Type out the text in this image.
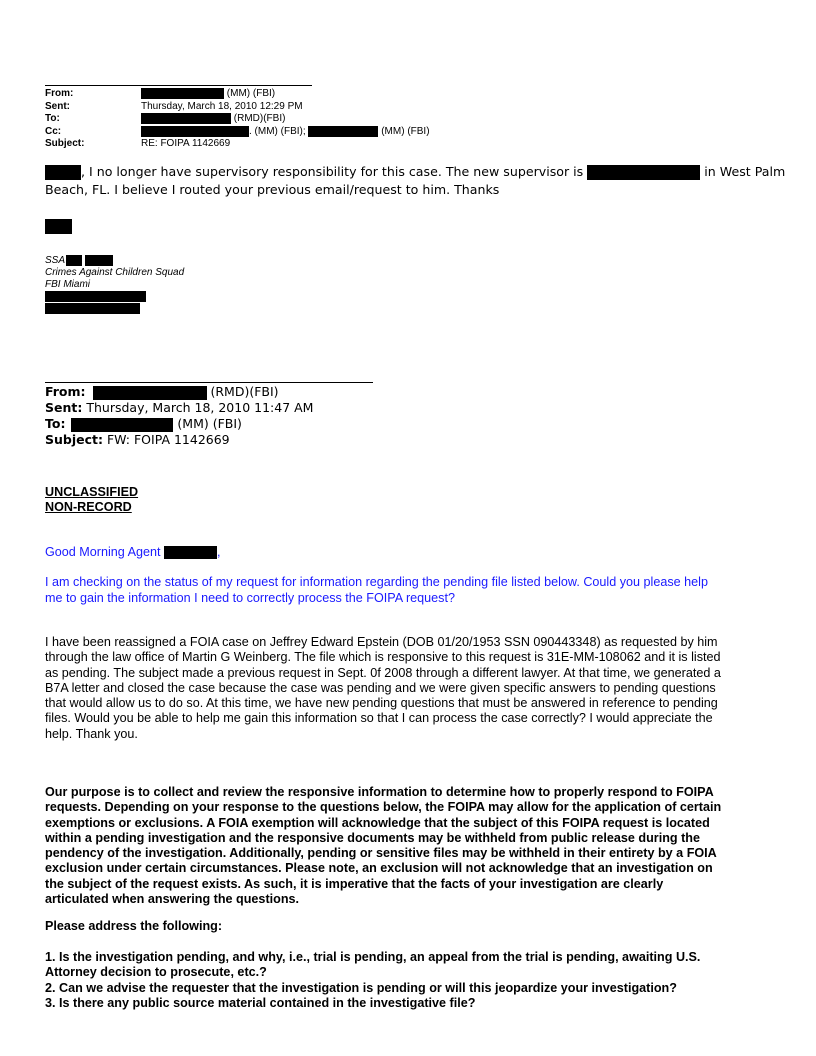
From:	(MM) (FBI)
Sent:	Thursday, March 18, 2010 12:29 PM
To:	(RMD)(FBI)
Cc:	. (MM) (FBI);	(MM) (FBI)
Subject:	RE: FOIPA 1142669
, I no longer have supervisory responsibility for this case. The new supervisor is	in West Palm
Beach, FL. I believe I routed your previous email/request to him. Thanks
SSA
Crimes Against Children Squad
FBI Miami
From:	(RMD)(FBI)
Sent: Thursday, March 18, 2010 11:47 AM
To:	(MM) (FBI)
Subject: FW: FOIPA 1142669
UNCLASSIFIED
NON-RECORD
Good Morning Agent	,
I am checking on the status of my request for information regarding the pending file listed below. Could you please help
me to gain the information I need to correctly process the FOIPA request?
I have been reassigned a FOIA case on Jeffrey Edward Epstein (DOB 01/20/1953 SSN 090443348) as requested by him
through the law office of Martin G Weinberg. The file which is responsive to this request is 31E-MM-108062 and it is listed
as pending. The subject made a previous request in Sept. 0f 2008 through a different lawyer. At that time, we generated a
B7A letter and closed the case because the case was pending and we were given specific answers to pending questions
that would allow us to do so. At this time, we have new pending questions that must be answered in reference to pending
files. Would you be able to help me gain this information so that I can process the case correctly? I would appreciate the
help. Thank you.
Our purpose is to collect and review the responsive information to determine how to properly respond to FOIPA
requests. Depending on your response to the questions below, the FOIPA may allow for the application of certain
exemptions or exclusions. A FOIA exemption will acknowledge that the subject of this FOIPA request is located
within a pending investigation and the responsive documents may be withheld from public release during the
pendency of the investigation. Additionally, pending or sensitive files may be withheld in their entirety by a FOIA
exclusion under certain circumstances. Please note, an exclusion will not acknowledge that an investigation on
the subject of the request exists. As such, it is imperative that the facts of your investigation are clearly
articulated when answering the questions.
Please address the following:
1. Is the investigation pending, and why, i.e., trial is pending, an appeal from the trial is pending, awaiting U.S.
Attorney decision to prosecute, etc.?
2. Can we advise the requester that the investigation is pending or will this jeopardize your investigation?
3. Is there any public source material contained in the investigative file?
